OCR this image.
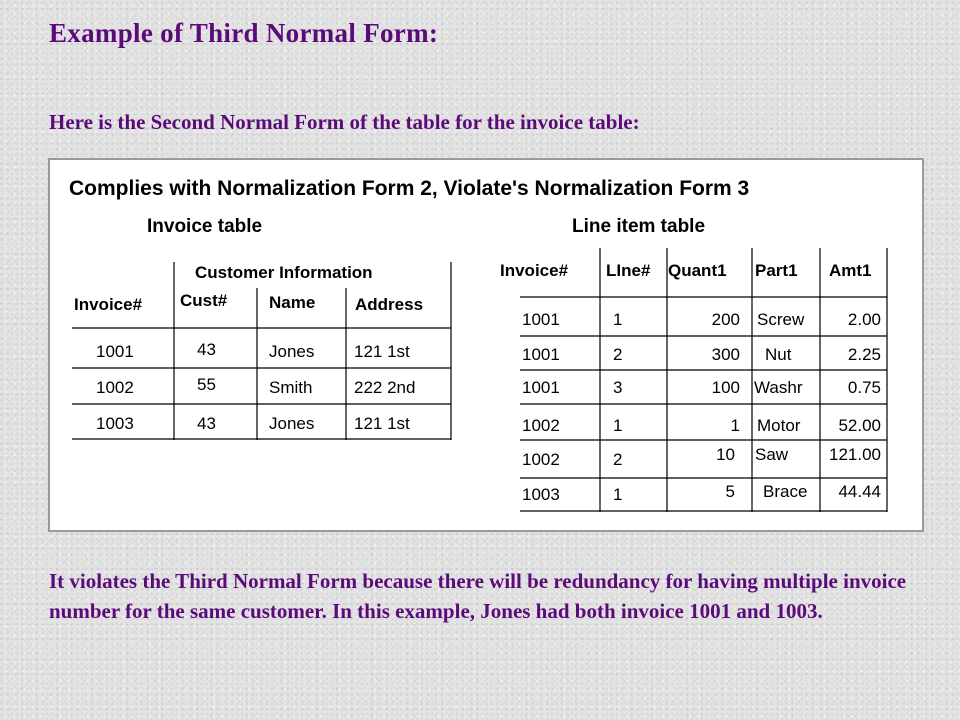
Example of Third Normal Form:
Here is the Second Normal Form of the table for the invoice table:
Complies with Normalization Form 2, Violate's Normalization Form 3
Invoice table	Line item table
Customer Information
Invoice# Cust# Name Address
1001	43	Jones 121 1st
1002	55	Smith 222 2nd
1003	43	Jones 121 1st
Invoice# LIne# Quant1 Part1 Amt1
1001	1	200 Screw	2.00
1001	2	300 Nut	2.25
1001	3	100 Washr	0.75
1002	1	1 Motor 52.00
1002	2	10 Saw 121.00
1003	1	5 Brace 44.44
It violates the Third Normal Form because there will be redundancy for having multiple invoice number for the same customer. In this example, Jones had both invoice 1001 and 1003.
